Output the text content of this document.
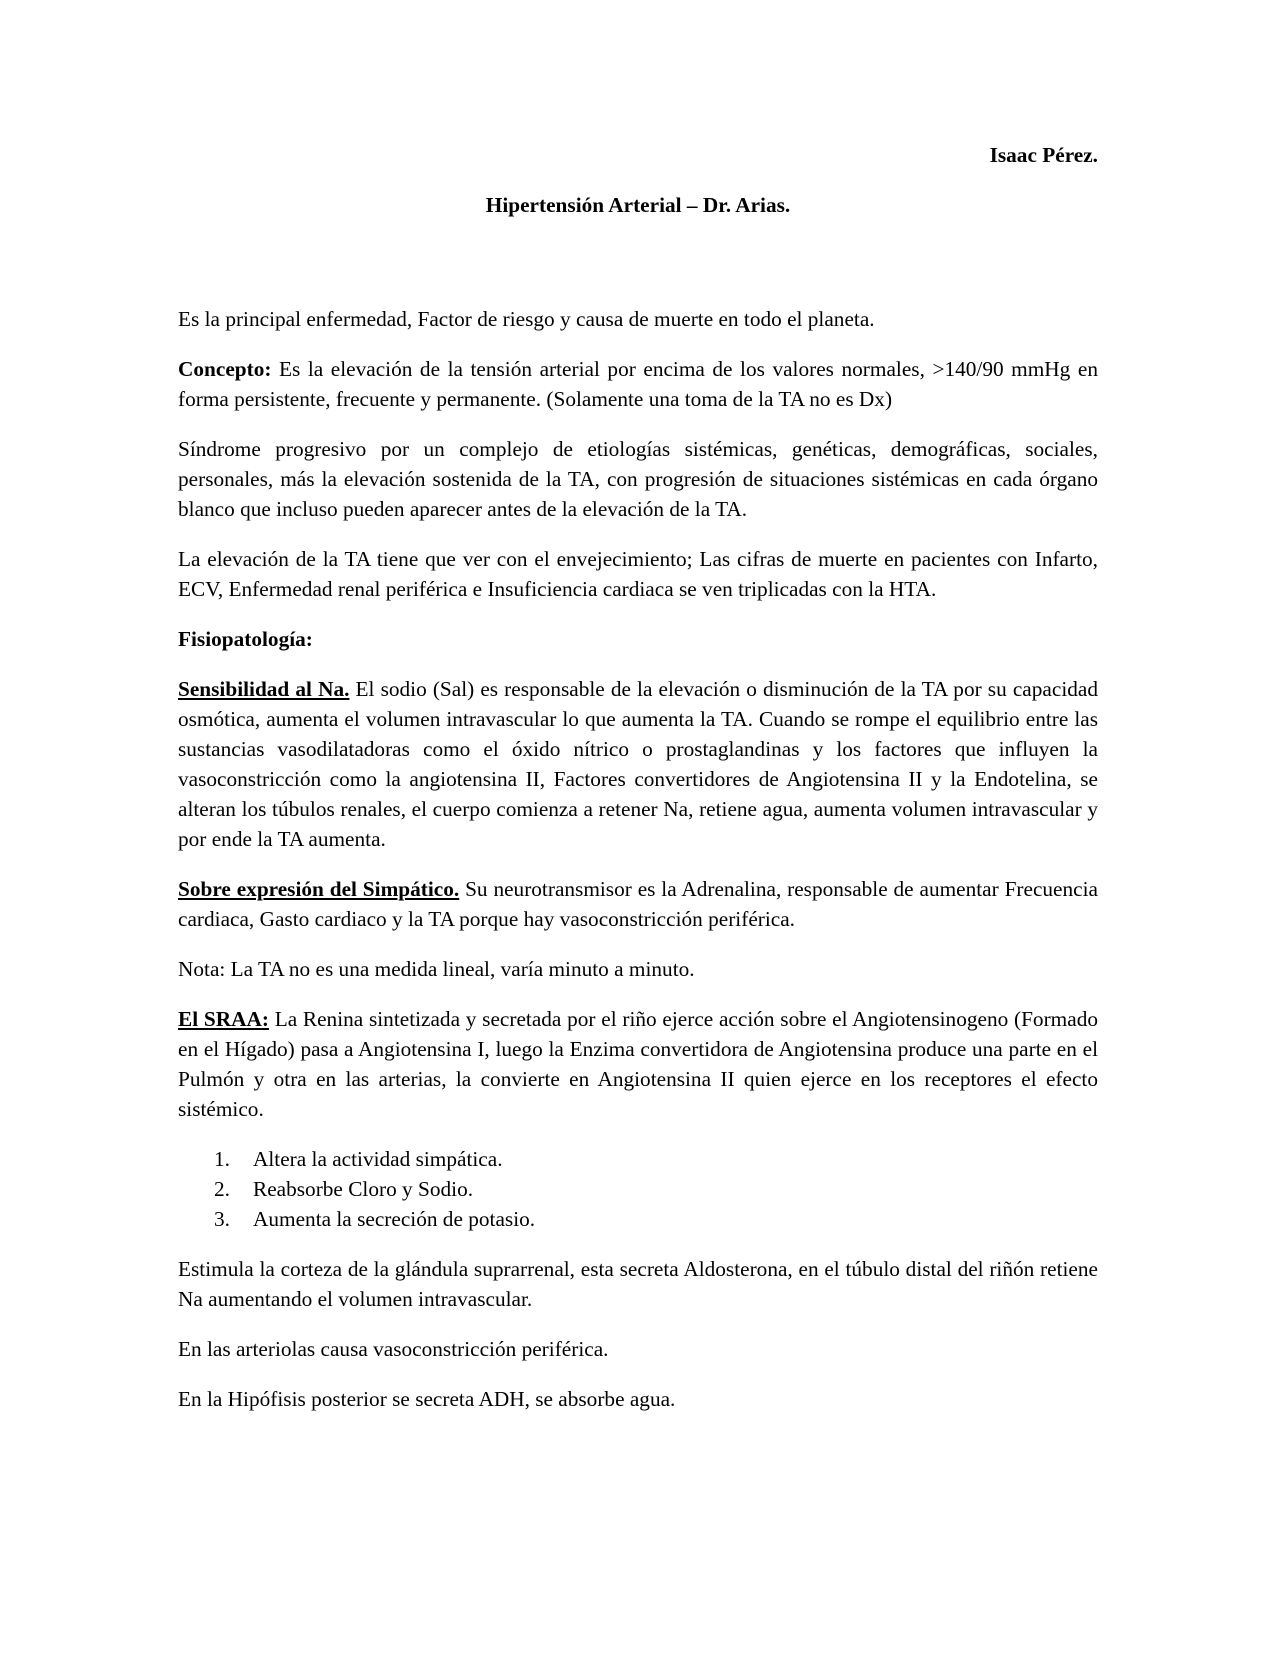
Isaac Pérez.

Hipertensión Arterial – Dr. Arias.

Es la principal enfermedad, Factor de riesgo y causa de muerte en todo el planeta.

Concepto: Es la elevación de la tensión arterial por encima de los valores normales, >140/90 mmHg en forma persistente, frecuente y permanente. (Solamente una toma de la TA no es Dx)

Síndrome progresivo por un complejo de etiologías sistémicas, genéticas, demográficas, sociales, personales, más la elevación sostenida de la TA, con progresión de situaciones sistémicas en cada órgano blanco que incluso pueden aparecer antes de la elevación de la TA.

La elevación de la TA tiene que ver con el envejecimiento; Las cifras de muerte en pacientes con Infarto, ECV, Enfermedad renal periférica e Insuficiencia cardiaca se ven triplicadas con la HTA.

Fisiopatología:

Sensibilidad al Na. El sodio (Sal) es responsable de la elevación o disminución de la TA por su capacidad osmótica, aumenta el volumen intravascular lo que aumenta la TA. Cuando se rompe el equilibrio entre las sustancias vasodilatadoras como el óxido nítrico o prostaglandinas y los factores que influyen la vasoconstricción como la angiotensina II, Factores convertidores de Angiotensina II y la Endotelina, se alteran los túbulos renales, el cuerpo comienza a retener Na, retiene agua, aumenta volumen intravascular y por ende la TA aumenta.

Sobre expresión del Simpático. Su neurotransmisor es la Adrenalina, responsable de aumentar Frecuencia cardiaca, Gasto cardiaco y la TA porque hay vasoconstricción periférica.

Nota: La TA no es una medida lineal, varía minuto a minuto.

El SRAA: La Renina sintetizada y secretada por el riño ejerce acción sobre el Angiotensinogeno (Formado en el Hígado) pasa a Angiotensina I, luego la Enzima convertidora de Angiotensina produce una parte en el Pulmón y otra en las arterias, la convierte en Angiotensina II quien ejerce en los receptores el efecto sistémico.

1. Altera la actividad simpática.
2. Reabsorbe Cloro y Sodio.
3. Aumenta la secreción de potasio.

Estimula la corteza de la glándula suprarrenal, esta secreta Aldosterona, en el túbulo distal del riñón retiene Na aumentando el volumen intravascular.

En las arteriolas causa vasoconstricción periférica.

En la Hipófisis posterior se secreta ADH, se absorbe agua.
